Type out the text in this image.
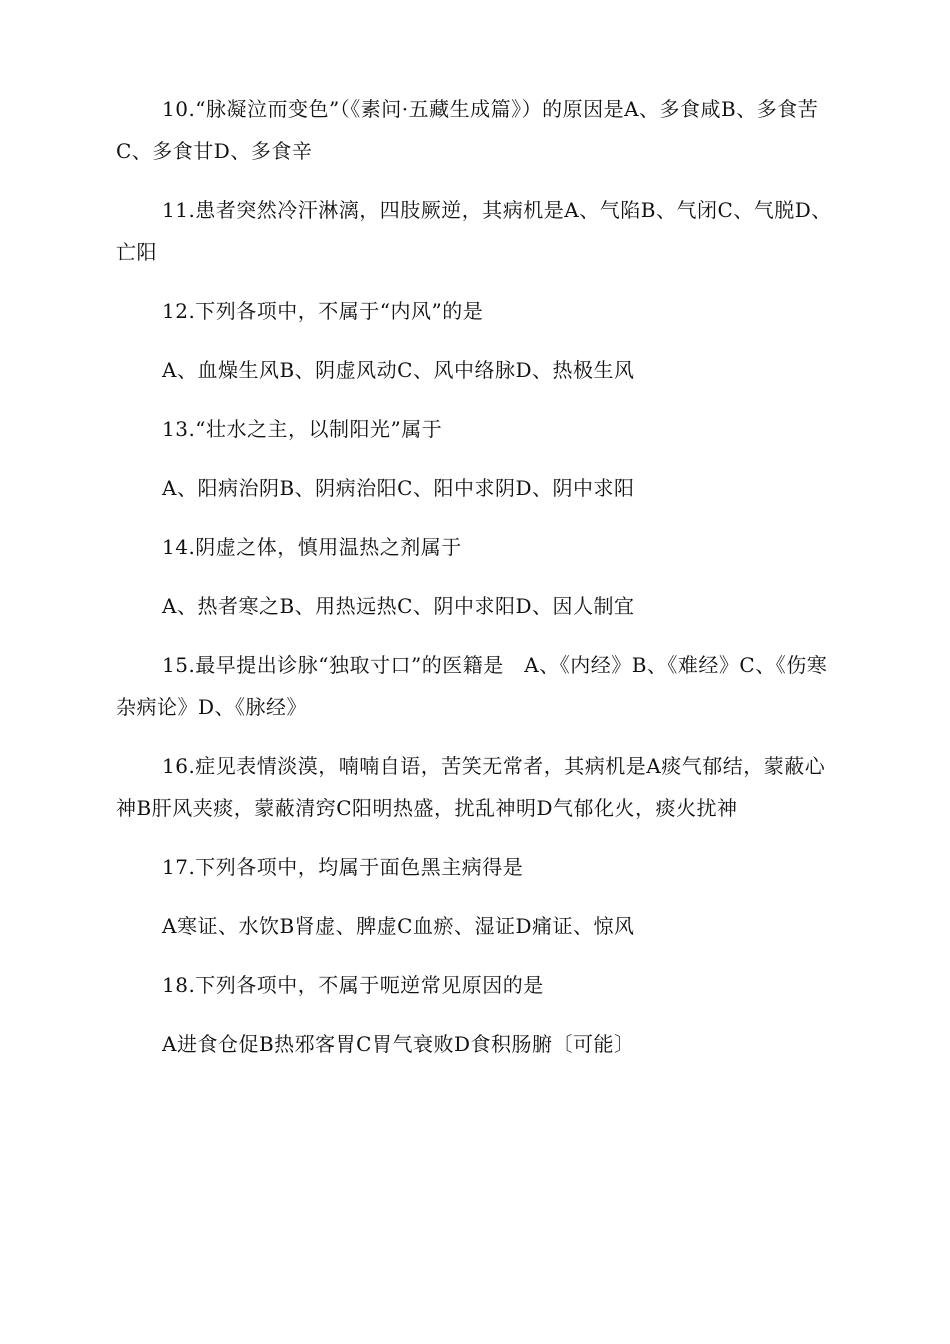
10.“脉凝泣而变色”（《素问·五藏生成篇》）的原因是A、多食咸B、多食苦C、多食甘D、多食辛

11.患者突然冷汗淋漓，四肢厥逆，其病机是A、气陷B、气闭C、气脱D、亡阳

12.下列各项中，不属于“内风”的是

A、血燥生风B、阴虚风动C、风中络脉D、热极生风

13.“壮水之主，以制阳光”属于

A、阳病治阴B、阴病治阳C、阳中求阴D、阴中求阳

14.阴虚之体，慎用温热之剂属于

A、热者寒之B、用热远热C、阴中求阳D、因人制宜

15.最早提出诊脉“独取寸口”的医籍是　A、《内经》B、《难经》C、《伤寒杂病论》D、《脉经》

16.症见表情淡漠，喃喃自语，苦笑无常者，其病机是A痰气郁结，蒙蔽心神B肝风夹痰，蒙蔽清窍C阳明热盛，扰乱神明D气郁化火，痰火扰神

17.下列各项中，均属于面色黑主病得是

A寒证、水饮B肾虚、脾虚C血瘀、湿证D痛证、惊风

18.下列各项中，不属于呃逆常见原因的是

A进食仓促B热邪客胃C胃气衰败D食积肠腑〔可能〕
